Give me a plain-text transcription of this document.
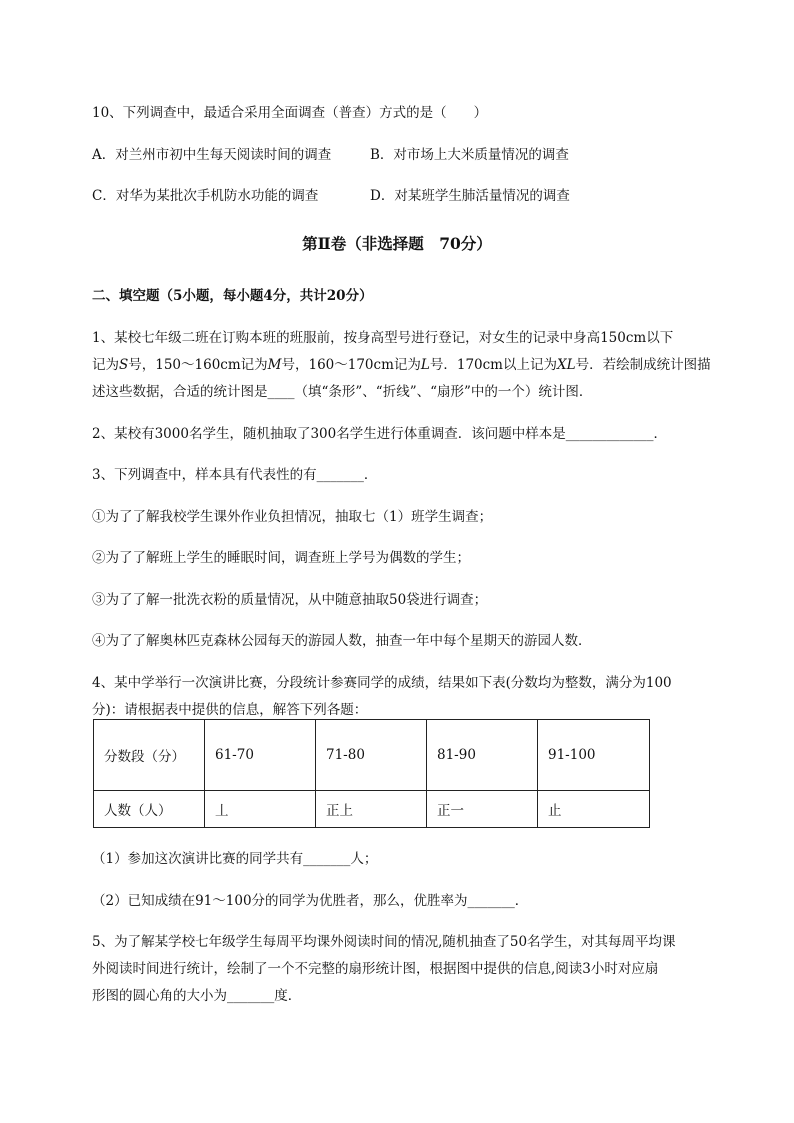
10、下列调查中，最适合采用全面调查（普查）方式的是（　　）
A．对兰州市初中生每天阅读时间的调查	B．对市场上大米质量情况的调查
C．对华为某批次手机防水功能的调查	D．对某班学生肺活量情况的调查
第Ⅱ卷（非选择题　70分）
二、填空题（5小题，每小题4分，共计20分）
1、某校七年级二班在订购本班的班服前，按身高型号进行登记，对女生的记录中身高150cm以下
记为S号，150～160cm记为M号，160～170cm记为L号．170cm以上记为XL号．若绘制成统计图描
述这些数据，合适的统计图是____（填“条形”、“折线”、“扇形”中的一个）统计图．
2、某校有3000名学生，随机抽取了300名学生进行体重调查．该问题中样本是_____________．
3、下列调查中，样本具有代表性的有_______．
①为了了解我校学生课外作业负担情况，抽取七（1）班学生调查；
②为了了解班上学生的睡眠时间，调查班上学号为偶数的学生；
③为了了解一批洗衣粉的质量情况，从中随意抽取50袋进行调查；
④为了了解奥林匹克森林公园每天的游园人数，抽查一年中每个星期天的游园人数．
4、某中学举行一次演讲比赛，分段统计参赛同学的成绩，结果如下表(分数均为整数，满分为100
分)：请根据表中提供的信息，解答下列各题：
分数段（分）	61-70	71-80	81-90	91-100
人数（人）	丄	正上	正一	止
（1）参加这次演讲比赛的同学共有_______人；
（2）已知成绩在91～100分的同学为优胜者，那么，优胜率为_______．
5、为了解某学校七年级学生每周平均课外阅读时间的情况,随机抽查了50名学生，对其每周平均课
外阅读时间进行统计，绘制了一个不完整的扇形统计图，根据图中提供的信息,阅读3小时对应扇
形图的圆心角的大小为_______度．
